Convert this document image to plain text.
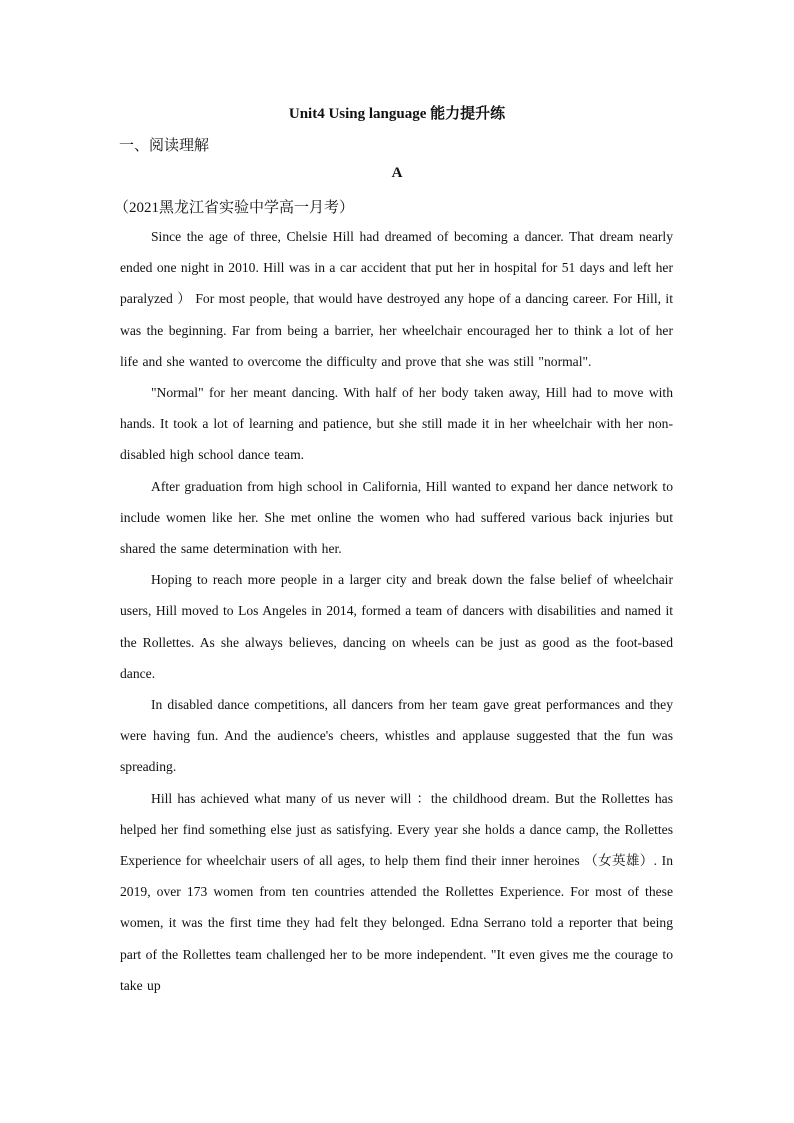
Unit4 Using language 能力提升练
一、阅读理解
A
（2021黑龙江省实验中学高一月考）

Since the age of three, Chelsie Hill had dreamed of becoming a dancer. That dream nearly ended one night in 2010. Hill was in a car accident that put her in hospital for 51 days and left her paralyzed ） For most people, that would have destroyed any hope of a dancing career. For Hill, it was the beginning. Far from being a barrier, her wheelchair encouraged her to think a lot of her life and she wanted to overcome the difficulty and prove that she was still "normal".

"Normal" for her meant dancing. With half of her body taken away, Hill had to move with hands. It took a lot of learning and patience, but she still made it in her wheelchair with her non-disabled high school dance team.

After graduation from high school in California, Hill wanted to expand her dance network to include women like her. She met online the women who had suffered various back injuries but shared the same determination with her.

Hoping to reach more people in a larger city and break down the false belief of wheelchair users, Hill moved to Los Angeles in 2014, formed a team of dancers with disabilities and named it the Rollettes. As she always believes, dancing on wheels can be just as good as the foot-based dance.

In disabled dance competitions, all dancers from her team gave great performances and they were having fun. And the audience's cheers, whistles and applause suggested that the fun was spreading.

Hill has achieved what many of us never will ：the childhood dream. But the Rollettes has helped her find something else just as satisfying. Every year she holds a dance camp, the Rollettes Experience for wheelchair users of all ages, to help them find their inner heroines （女英雄）. In 2019, over 173 women from ten countries attended the Rollettes Experience. For most of these women, it was the first time they had felt they belonged. Edna Serrano told a reporter that being part of the Rollettes team challenged her to be more independent. "It even gives me the courage to take up
